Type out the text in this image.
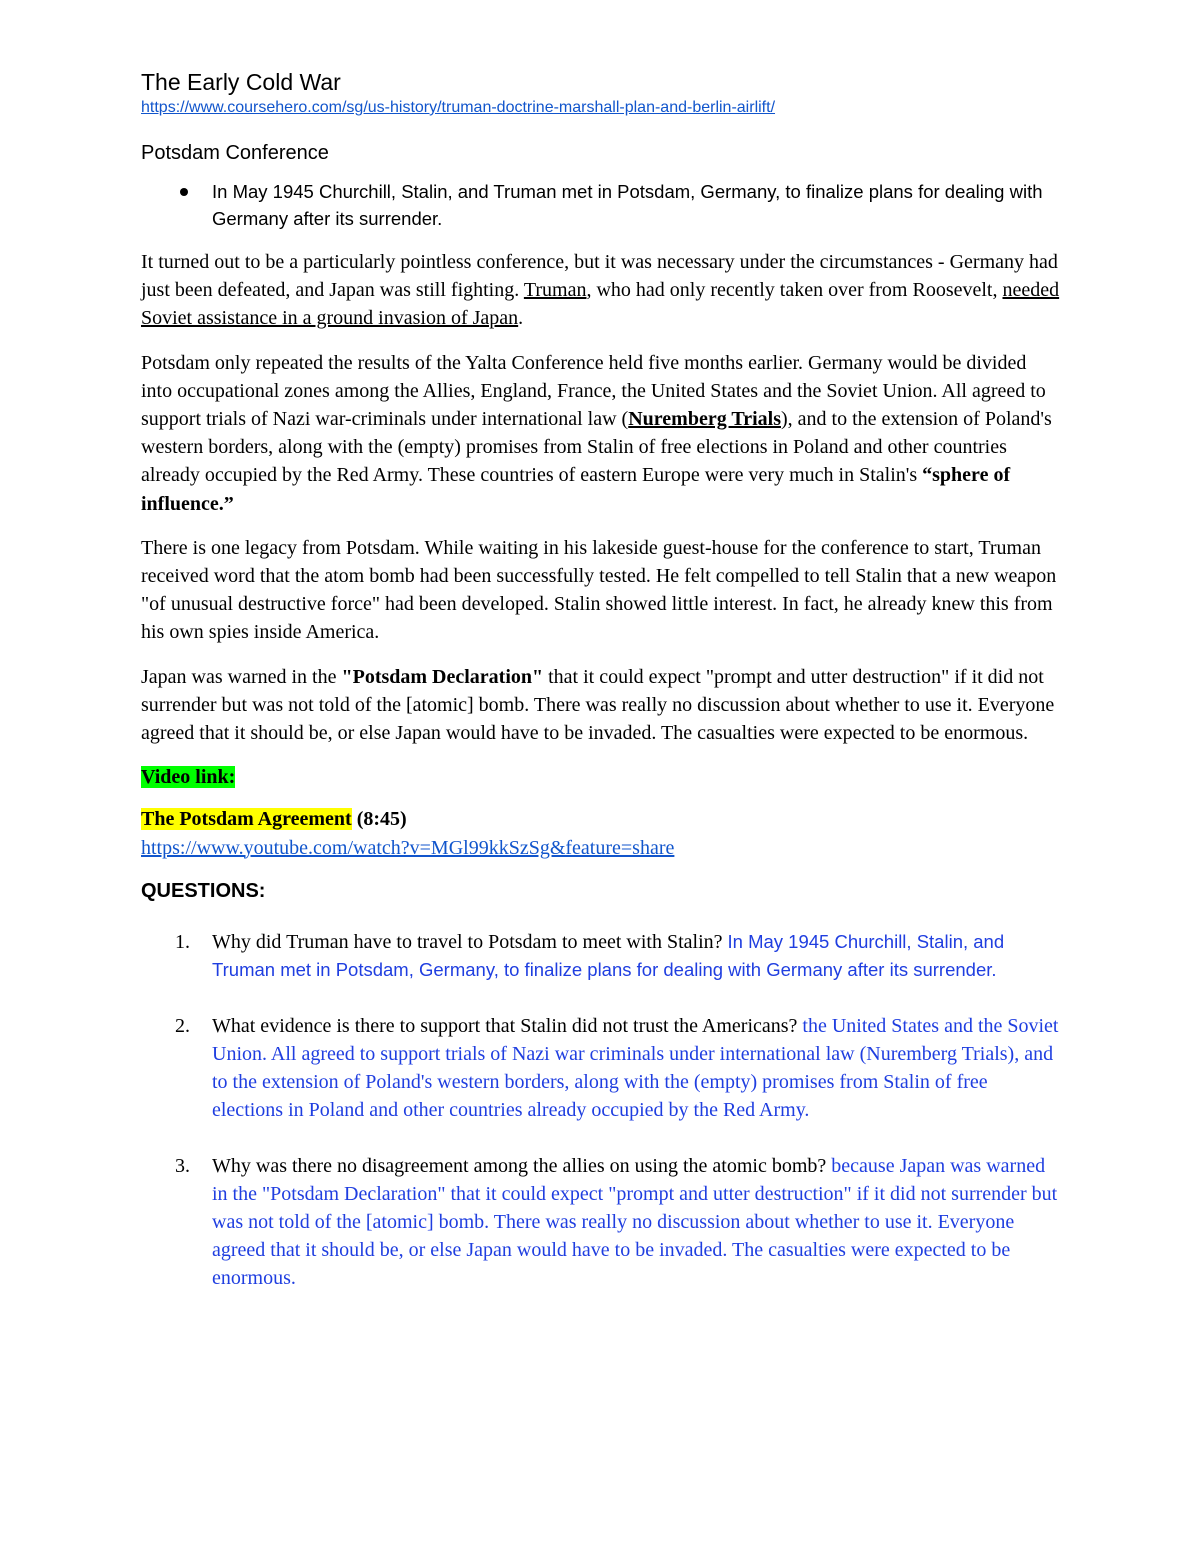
The Early Cold War
https://www.coursehero.com/sg/us-history/truman-doctrine-marshall-plan-and-berlin-airlift/
Potsdam Conference
In May 1945 Churchill, Stalin, and Truman met in Potsdam, Germany, to finalize plans for dealing with Germany after its surrender.

It turned out to be a particularly pointless conference, but it was necessary under the circumstances - Germany had just been defeated, and Japan was still fighting. Truman, who had only recently taken over from Roosevelt, needed Soviet assistance in a ground invasion of Japan.

Potsdam only repeated the results of the Yalta Conference held five months earlier. Germany would be divided into occupational zones among the Allies, England, France, the United States and the Soviet Union. All agreed to support trials of Nazi war-criminals under international law (Nuremberg Trials), and to the extension of Poland's western borders, along with the (empty) promises from Stalin of free elections in Poland and other countries already occupied by the Red Army. These countries of eastern Europe were very much in Stalin's “sphere of influence.”

There is one legacy from Potsdam. While waiting in his lakeside guest-house for the conference to start, Truman received word that the atom bomb had been successfully tested. He felt compelled to tell Stalin that a new weapon "of unusual destructive force" had been developed. Stalin showed little interest. In fact, he already knew this from his own spies inside America.

Japan was warned in the "Potsdam Declaration" that it could expect "prompt and utter destruction" if it did not surrender but was not told of the [atomic] bomb. There was really no discussion about whether to use it. Everyone agreed that it should be, or else Japan would have to be invaded. The casualties were expected to be enormous.

Video link:

The Potsdam Agreement (8:45)
https://www.youtube.com/watch?v=MGl99kkSzSg&feature=share

QUESTIONS:
1. Why did Truman have to travel to Potsdam to meet with Stalin? In May 1945 Churchill, Stalin, and Truman met in Potsdam, Germany, to finalize plans for dealing with Germany after its surrender.
2. What evidence is there to support that Stalin did not trust the Americans? the United States and the Soviet Union. All agreed to support trials of Nazi war criminals under international law (Nuremberg Trials), and to the extension of Poland's western borders, along with the (empty) promises from Stalin of free elections in Poland and other countries already occupied by the Red Army.
3. Why was there no disagreement among the allies on using the atomic bomb? because Japan was warned in the "Potsdam Declaration" that it could expect "prompt and utter destruction" if it did not surrender but was not told of the [atomic] bomb. There was really no discussion about whether to use it. Everyone agreed that it should be, or else Japan would have to be invaded. The casualties were expected to be enormous.
